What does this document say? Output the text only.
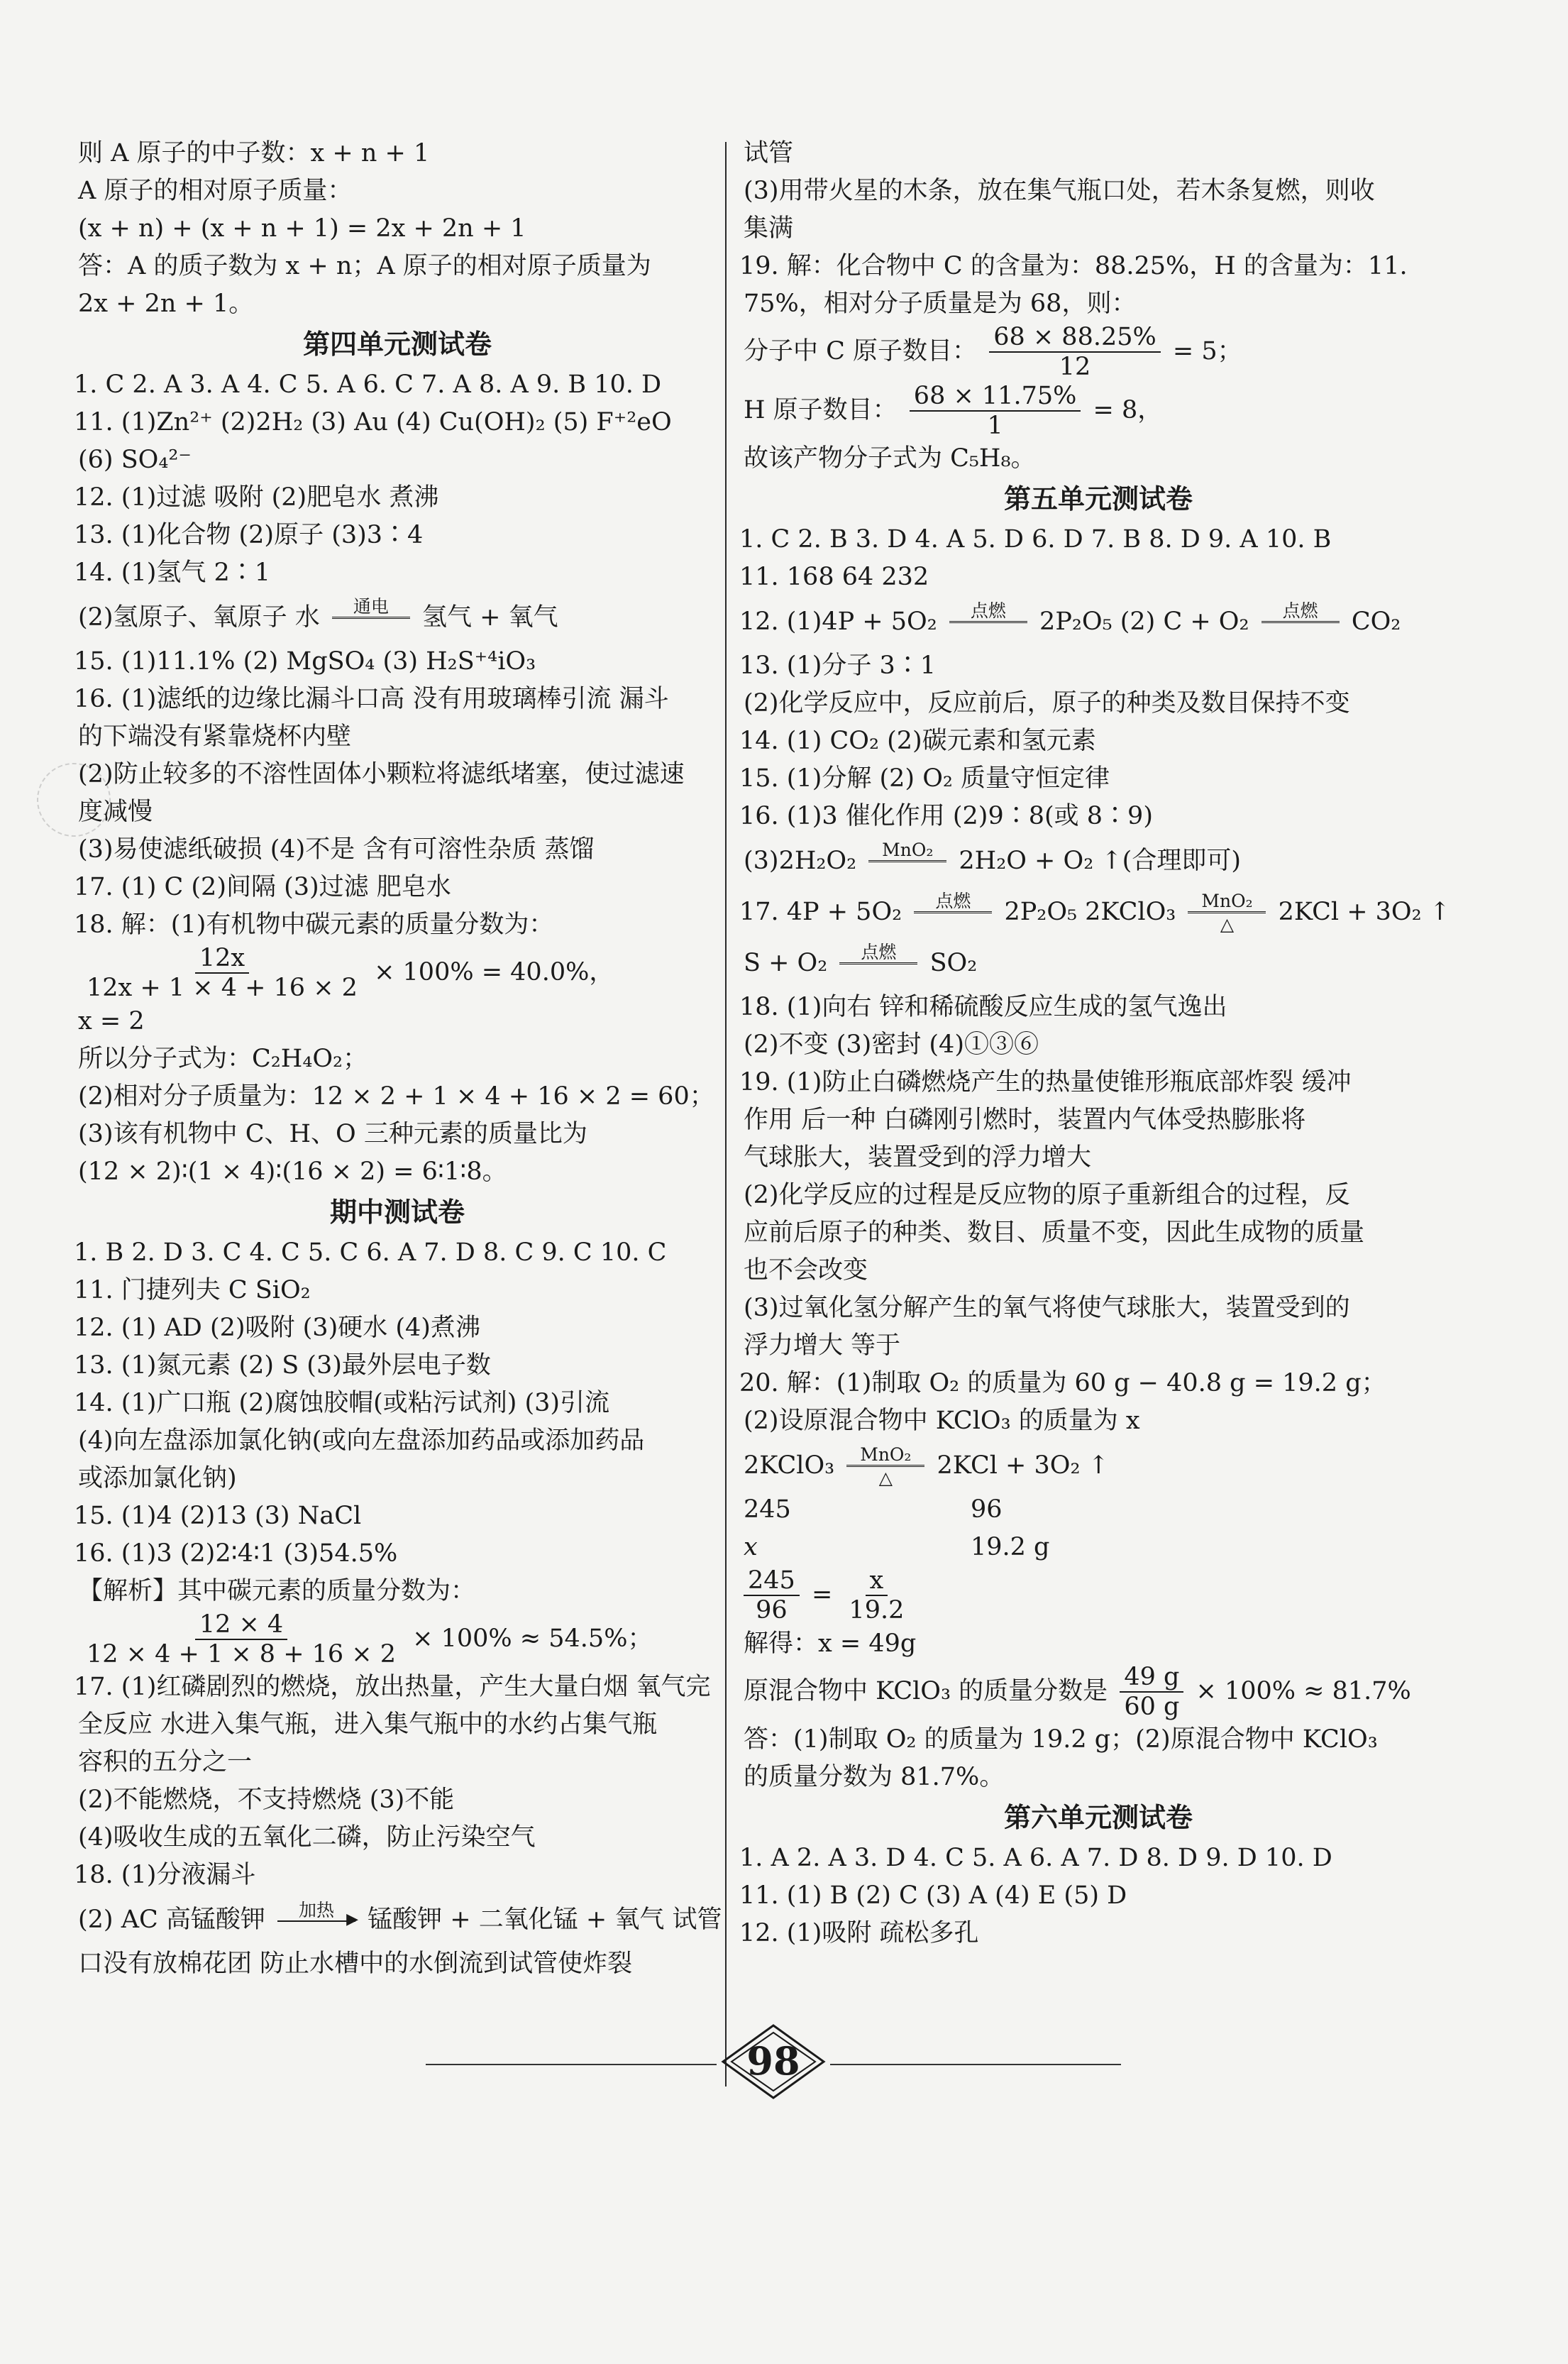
则 A 原子的中子数：x + n + 1
A 原子的相对原子质量：
(x + n) + (x + n + 1) = 2x + 2n + 1
答：A 的质子数为 x + n；A 原子的相对原子质量为
2x + 2n + 1。
第四单元测试卷
1. C 2. A 3. A 4. C 5. A 6. C 7. A 8. A 9. B 10. D
11. (1)Zn²⁺ (2)2H₂ (3) Au (4) Cu(OH)₂ (5) F⁺²eO
(6) SO₄²⁻
12. (1)过滤 吸附 (2)肥皂水 煮沸
13. (1)化合物 (2)原子 (3)3∶4
14. (1)氢气 2∶1
(2)氢原子、氧原子 水 通电
氢气 + 氧气
15. (1)11.1% (2) MgSO₄ (3) H₂S⁺⁴iO₃
16. (1)滤纸的边缘比漏斗口高 没有用玻璃棒引流 漏斗
的下端没有紧靠烧杯内壁
(2)防止较多的不溶性固体小颗粒将滤纸堵塞，使过滤速
度减慢
(3)易使滤纸破损 (4)不是 含有可溶性杂质 蒸馏
17. (1) C (2)间隔 (3)过滤 肥皂水
18. 解：(1)有机物中碳元素的质量分数为：
$\frac{12x}{12x + 1 \times 4 + 16 \times 2} \times 100\% = 40.0\%$，
x = 2
所以分子式为：C₂H₄O₂；
(2)相对分子质量为：12 × 2 + 1 × 4 + 16 × 2 = 60；
(3)该有机物中 C、H、O 三种元素的质量比为
(12 × 2)∶(1 × 4)∶(16 × 2) = 6∶1∶8。
期中测试卷
1. B 2. D 3. C 4. C 5. C 6. A 7. D 8. C 9. C 10. C
11. 门捷列夫 C SiO₂
12. (1) AD (2)吸附 (3)硬水 (4)煮沸
13. (1)氮元素 (2) S (3)最外层电子数
14. (1)广口瓶 (2)腐蚀胶帽(或粘污试剂) (3)引流
(4)向左盘添加氯化钠(或向左盘添加药品或添加药品
或添加氯化钠)
15. (1)4 (2)13 (3) NaCl
16. (1)3 (2)2∶4∶1 (3)54.5%
【解析】其中碳元素的质量分数为：
$\frac{12 \times 4}{12 \times 4 + 1 \times 8 + 16 \times 2} \times 100\% \approx 54.5\%$；
17. (1)红磷剧烈的燃烧，放出热量，产生大量白烟 氧气完
全反应 水进入集气瓶，进入集气瓶中的水约占集气瓶
容积的五分之一
(2)不能燃烧，不支持燃烧 (3)不能
(4)吸收生成的五氧化二磷，防止污染空气
18. (1)分液漏斗
(2) AC 高锰酸钾 加热
▶ 锰酸钾 + 二氧化锰 + 氧气 试管
口没有放棉花团 防止水槽中的水倒流到试管使炸裂
试管
(3)用带火星的木条，放在集气瓶口处，若木条复燃，则收
集满
19. 解：化合物中 C 的含量为：88.25%，H 的含量为：11.
75%，相对分子质量是为 68，则：
分子中 C 原子数目： $\frac{68 \times 88.25\%}{12} = 5$；
H 原子数目： $\frac{68 \times 11.75\%}{1} = 8$，
故该产物分子式为 C₅H₈。
第五单元测试卷
1. C 2. B 3. D 4. A 5. D 6. D 7. B 8. D 9. A 10. B
11. 168 64 232
12. (1)4P + 5O₂ 点燃
2P₂O₅ (2) C + O₂ 点燃
CO₂
13. (1)分子 3∶1
(2)化学反应中，反应前后，原子的种类及数目保持不变
14. (1) CO₂ (2)碳元素和氢元素
15. (1)分解 (2) O₂ 质量守恒定律
16. (1)3 催化作用 (2)9∶8(或 8∶9)
(3)2H₂O₂ MnO₂
2H₂O + O₂ ↑(合理即可)
17. 4P + 5O₂ 点燃
2P₂O₅ 2KClO₃ MnO₂
△ 2KCl + 3O₂ ↑
S + O₂ 点燃
SO₂
18. (1)向右 锌和稀硫酸反应生成的氢气逸出
(2)不变 (3)密封 (4)①③⑥
19. (1)防止白磷燃烧产生的热量使锥形瓶底部炸裂 缓冲
作用 后一种 白磷刚引燃时，装置内气体受热膨胀将
气球胀大，装置受到的浮力增大
(2)化学反应的过程是反应物的原子重新组合的过程，反
应前后原子的种类、数目、质量不变，因此生成物的质量
也不会改变
(3)过氧化氢分解产生的氧气将使气球胀大，装置受到的
浮力增大 等于
20. 解：(1)制取 O₂ 的质量为 60 g − 40.8 g = 19.2 g；
(2)设原混合物中 KClO₃ 的质量为 x
2KClO₃ MnO₂
△ 2KCl + 3O₂ ↑
245	96
x	19.2 g
$\frac{245}{96} = \frac{x}{19.2}$
解得：x = 49g
原混合物中 KClO₃ 的质量分数是 $\frac{49 g}{60 g} \times 100\% \approx 81.7\%$
答：(1)制取 O₂ 的质量为 19.2 g；(2)原混合物中 KClO₃
的质量分数为 81.7%。
第六单元测试卷
1. A 2. A 3. D 4. C 5. A 6. A 7. D 8. D 9. D 10. D
11. (1) B (2) C (3) A (4) E (5) D
12. (1)吸附 疏松多孔
98
